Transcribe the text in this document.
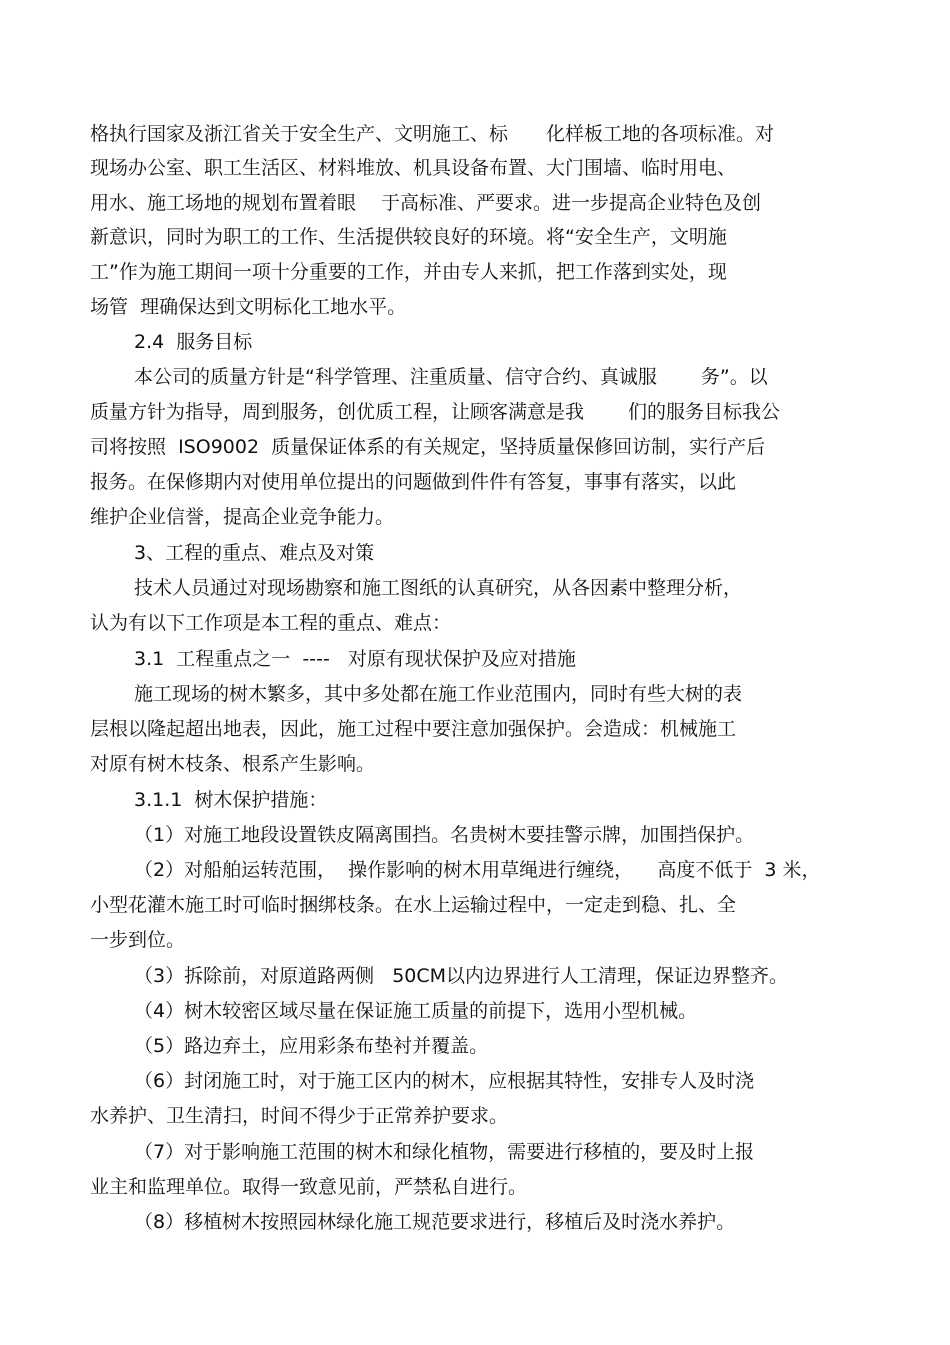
格执行国家及浙江省关于安全生产、文明施工、标　　化样板工地的各项标准。对
现场办公室、职工生活区、材料堆放、机具设备布置、大门围墙、临时用电、
用水、施工场地的规划布置着眼　 于高标准、严要求。进一步提高企业特色及创
新意识，同时为职工的工作、生活提供较良好的环境。将“安全生产，文明施
工”作为施工期间一项十分重要的工作，并由专人来抓，把工作落到实处，现
场管  理确保达到文明标化工地水平。
2.4  服务目标
本公司的质量方针是“科学管理、注重质量、信守合约、真诚服　　 务”。以
质量方针为指导，周到服务，创优质工程，让顾客满意是我　　 们的服务目标我公
司将按照  ISO9002  质量保证体系的有关规定，坚持质量保修回访制，实行产后
报务。在保修期内对使用单位提出的问题做到件件有答复，事事有落实，以此
维护企业信誉，提高企业竞争能力。
3、工程的重点、难点及对策
技术人员通过对现场勘察和施工图纸的认真研究，从各因素中整理分析，
认为有以下工作项是本工程的重点、难点：
3.1  工程重点之一  ----   对原有现状保护及应对措施
施工现场的树木繁多，其中多处都在施工作业范围内，同时有些大树的表
层根以隆起超出地表，因此，施工过程中要注意加强保护。会造成：机械施工
对原有树木枝条、根系产生影响。
3.1.1  树木保护措施：
（1）对施工地段设置铁皮隔离围挡。名贵树木要挂警示牌，加围挡保护。
（2）对船舶运转范围，  操作影响的树木用草绳进行缠绕，    高度不低于  3 米，
小型花灌木施工时可临时捆绑枝条。在水上运输过程中，一定走到稳、扎、全
一步到位。
（3）拆除前，对原道路两侧   50CM以内边界进行人工清理，保证边界整齐。
（4）树木较密区域尽量在保证施工质量的前提下，选用小型机械。
（5）路边弃土，应用彩条布垫衬并覆盖。
（6）封闭施工时，对于施工区内的树木，应根据其特性，安排专人及时浇
水养护、卫生清扫，时间不得少于正常养护要求。
（7）对于影响施工范围的树木和绿化植物，需要进行移植的，要及时上报
业主和监理单位。取得一致意见前，严禁私自进行。
（8）移植树木按照园林绿化施工规范要求进行，移植后及时浇水养护。
